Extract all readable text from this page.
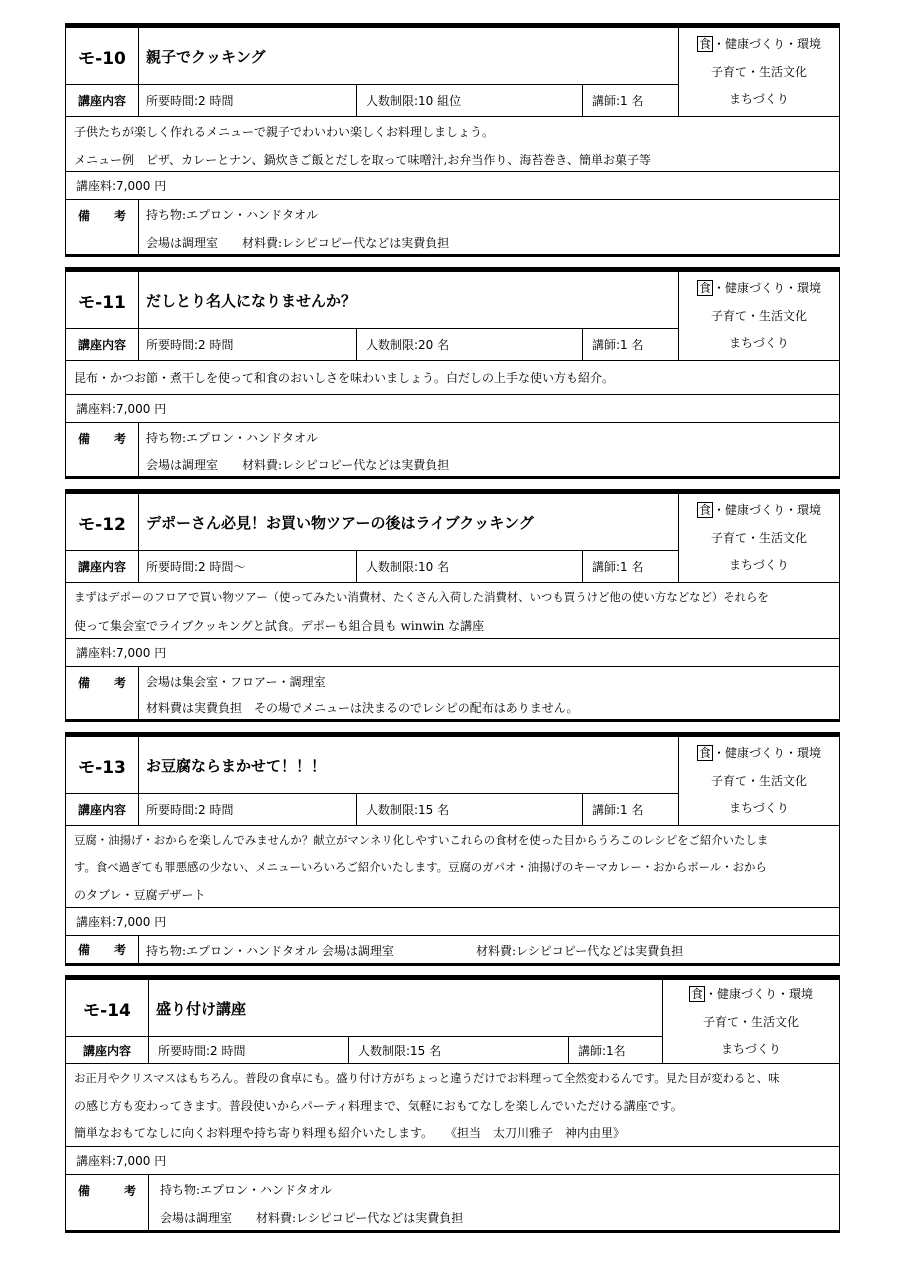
モ-10	親子でクッキング
食 ・健康づくり・環境
子育て・生活文化
まちづくり
講座内容	所要時間:2 時間	人数制限:10 組位	講師:1 名
子供たちが楽しく作れるメニューで親子でわいわい楽しくお料理しましょう。
メニュー例　ピザ、カレーとナン、鍋炊きご飯とだしを取って味噌汁,お弁当作り、海苔巻き、簡単お菓子等
講座料: 7,000 円
備 考 持ち物:エプロン・ハンドタオル
会場は調理室　　材料費:レシピコピー代などは実費負担
モ-11	だしとり名人になりませんか？
食 ・健康づくり・環境
子育て・生活文化
まちづくり
講座内容	所要時間:2 時間	人数制限:20 名	講師:1 名
昆布・かつお節・煮干しを使って和食のおいしさを味わいましょう。白だしの上手な使い方も紹介。
講座料: 7,000 円
備 考 持ち物:エプロン・ハンドタオル
会場は調理室　　材料費:レシピコピー代などは実費負担
モ-12	デポーさん必見！お買い物ツアーの後はライブクッキング
食 ・健康づくり・環境
子育て・生活文化
まちづくり
講座内容	所要時間:2 時間～	人数制限:10 名	講師:1 名
まずはデポーのフロアで買い物ツアー（使ってみたい消費材、たくさん入荷した消費材、いつも買うけど他の使い方などなど）それらを
使って集会室でライブクッキングと試食。デポーも組合員も winwin な講座
講座料: 7,000 円
備 考 会場は集会室・フロアー・調理室
材料費は実費負担　その場でメニューは決まるのでレシピの配布はありません。
モ-13	お豆腐ならまかせて！！！
食 ・健康づくり・環境
子育て・生活文化
まちづくり
講座内容	所要時間:2 時間	人数制限:15 名	講師:1 名
豆腐・油揚げ・おからを楽しんでみませんか？献立がマンネリ化しやすいこれらの食材を使った目からうろこのレシピをご紹介いたしま
す。食べ過ぎても罪悪感の少ない、メニューいろいろご紹介いたします。豆腐のガパオ・油揚げのキーマカレー・おからボール・おから
のタブレ・豆腐デザート
講座料: 7,000 円
備 考 持ち物:エプロン・ハンドタオル 会場は調理室	材料費:レシピコピー代などは実費負担
モ-14	盛り付け講座
食 ・健康づくり・環境
子育て・生活文化
まちづくり
講座内容	所要時間:2 時間	人数制限:15 名	講師:1名
お正月やクリスマスはもちろん。普段の食卓にも。盛り付け方がちょっと違うだけでお料理って全然変わるんです。見た目が変わると、味
の感じ方も変わってきます。普段使いからパーティ料理まで、気軽におもてなしを楽しんでいただける講座です。
簡単なおもてなしに向くお料理や持ち寄り料理も紹介いたします。　　《担当　太刀川雅子　神内由里》
講座料: 7,000 円
備	考 持ち物:エプロン・ハンドタオル
会場は調理室　　材料費:レシピコピー代などは実費負担
